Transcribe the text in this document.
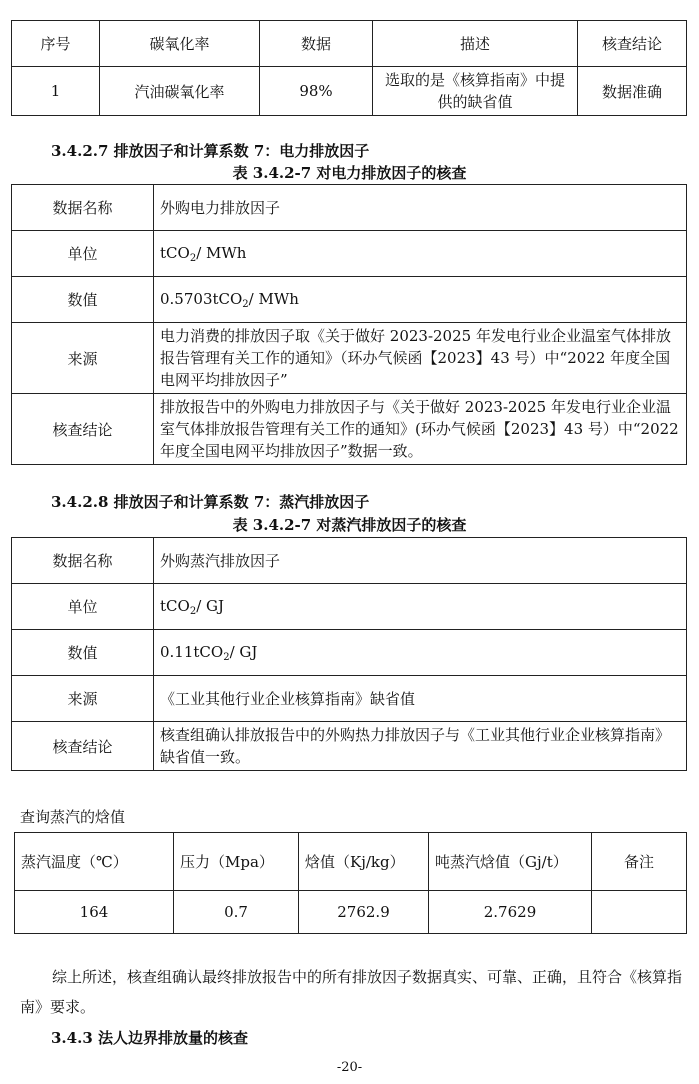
序号	碳氧化率	数据	描述	核查结论
1	汽油碳氧化率	98%	选取的是《核算指南》中提供的缺省值	数据准确
3.4.2.7 排放因子和计算系数 7：电力排放因子
表 3.4.2-7 对电力排放因子的核查
数据名称	外购电力排放因子
单位	tCO$_2$/ MWh
数值	0.5703tCO$_2$/ MWh
来源	电力消费的排放因子取《关于做好 2023-2025 年发电行业企业温室气体排放报告管理有关工作的通知》（环办气候函【2023】43 号）中“2022 年度全国电网平均排放因子”
核查结论	排放报告中的外购电力排放因子与《关于做好 2023-2025 年发电行业企业温室气体排放报告管理有关工作的通知》(环办气候函【2023】43 号）中“2022 年度全国电网平均排放因子”数据一致。
3.4.2.8 排放因子和计算系数 7：蒸汽排放因子
表 3.4.2-7 对蒸汽排放因子的核查
数据名称	外购蒸汽排放因子
单位	tCO$_2$/ GJ
数值	0.11tCO$_2$/ GJ
来源	《工业其他行业企业核算指南》缺省值
核查结论	核查组确认排放报告中的外购热力排放因子与《工业其他行业企业核算指南》缺省值一致。
查询蒸汽的焓值
蒸汽温度（℃）	压力（Mpa）	焓值（Kj/kg）	吨蒸汽焓值（Gj/t）	备注
164	0.7	2762.9	2.7629	
综上所述，核查组确认最终排放报告中的所有排放因子数据真实、可靠、正确，且符合《核算指南》要求。
3.4.3 法人边界排放量的核查
-20-
